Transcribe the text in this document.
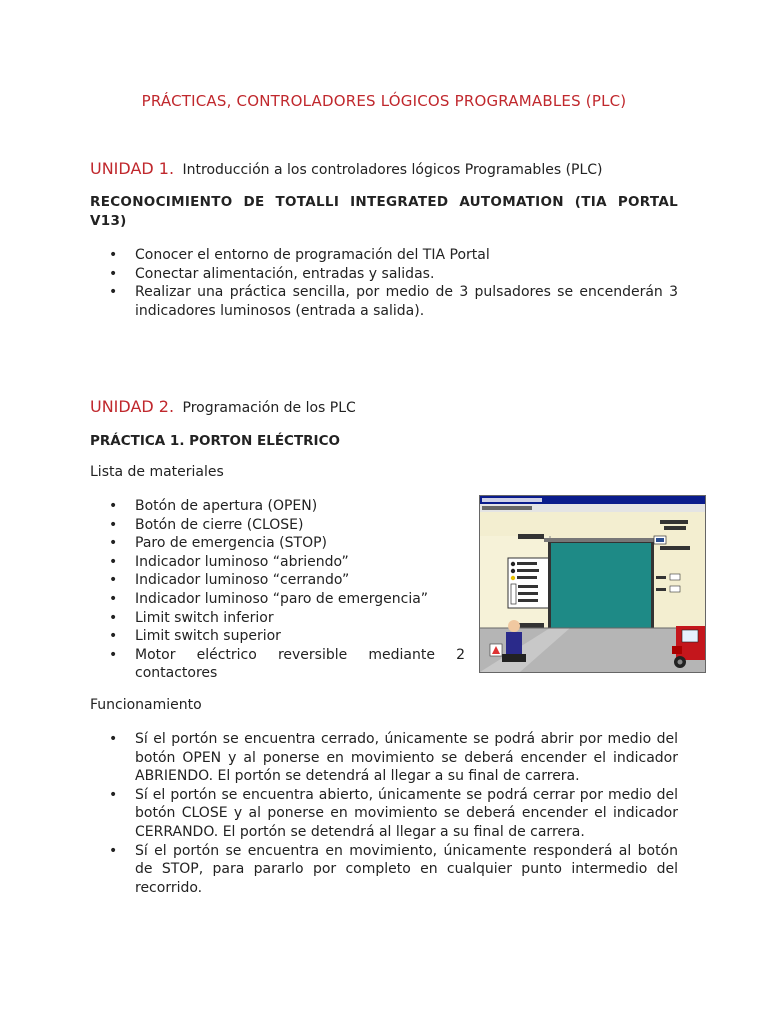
PRÁCTICAS, CONTROLADORES LÓGICOS PROGRAMABLES (PLC)
UNIDAD 1. Introducción a los controladores lógicos Programables (PLC)
RECONOCIMIENTO DE TOTALLI INTEGRATED AUTOMATION (TIA PORTAL V13)
• Conocer el entorno de programación del TIA Portal
• Conectar alimentación, entradas y salidas.
• Realizar una práctica sencilla, por medio de 3 pulsadores se encenderán 3 indicadores luminosos (entrada a salida).
UNIDAD 2. Programación de los PLC
PRÁCTICA 1. PORTON ELÉCTRICO
Lista de materiales
• Botón de apertura (OPEN)
• Botón de cierre (CLOSE)
• Paro de emergencia (STOP)
• Indicador luminoso “abriendo”
• Indicador luminoso “cerrando”
• Indicador luminoso “paro de emergencia”
• Limit switch inferior
• Limit switch superior
• Motor eléctrico reversible mediante 2 contactores
Funcionamiento
• Sí el portón se encuentra cerrado, únicamente se podrá abrir por medio del botón OPEN y al ponerse en movimiento se deberá encender el indicador ABRIENDO. El portón se detendrá al llegar a su final de carrera.
• Sí el portón se encuentra abierto, únicamente se podrá cerrar por medio del botón CLOSE y al ponerse en movimiento se deberá encender el indicador CERRANDO. El portón se detendrá al llegar a su final de carrera.
• Sí el portón se encuentra en movimiento, únicamente responderá al botón de STOP, para pararlo por completo en cualquier punto intermedio del recorrido.
